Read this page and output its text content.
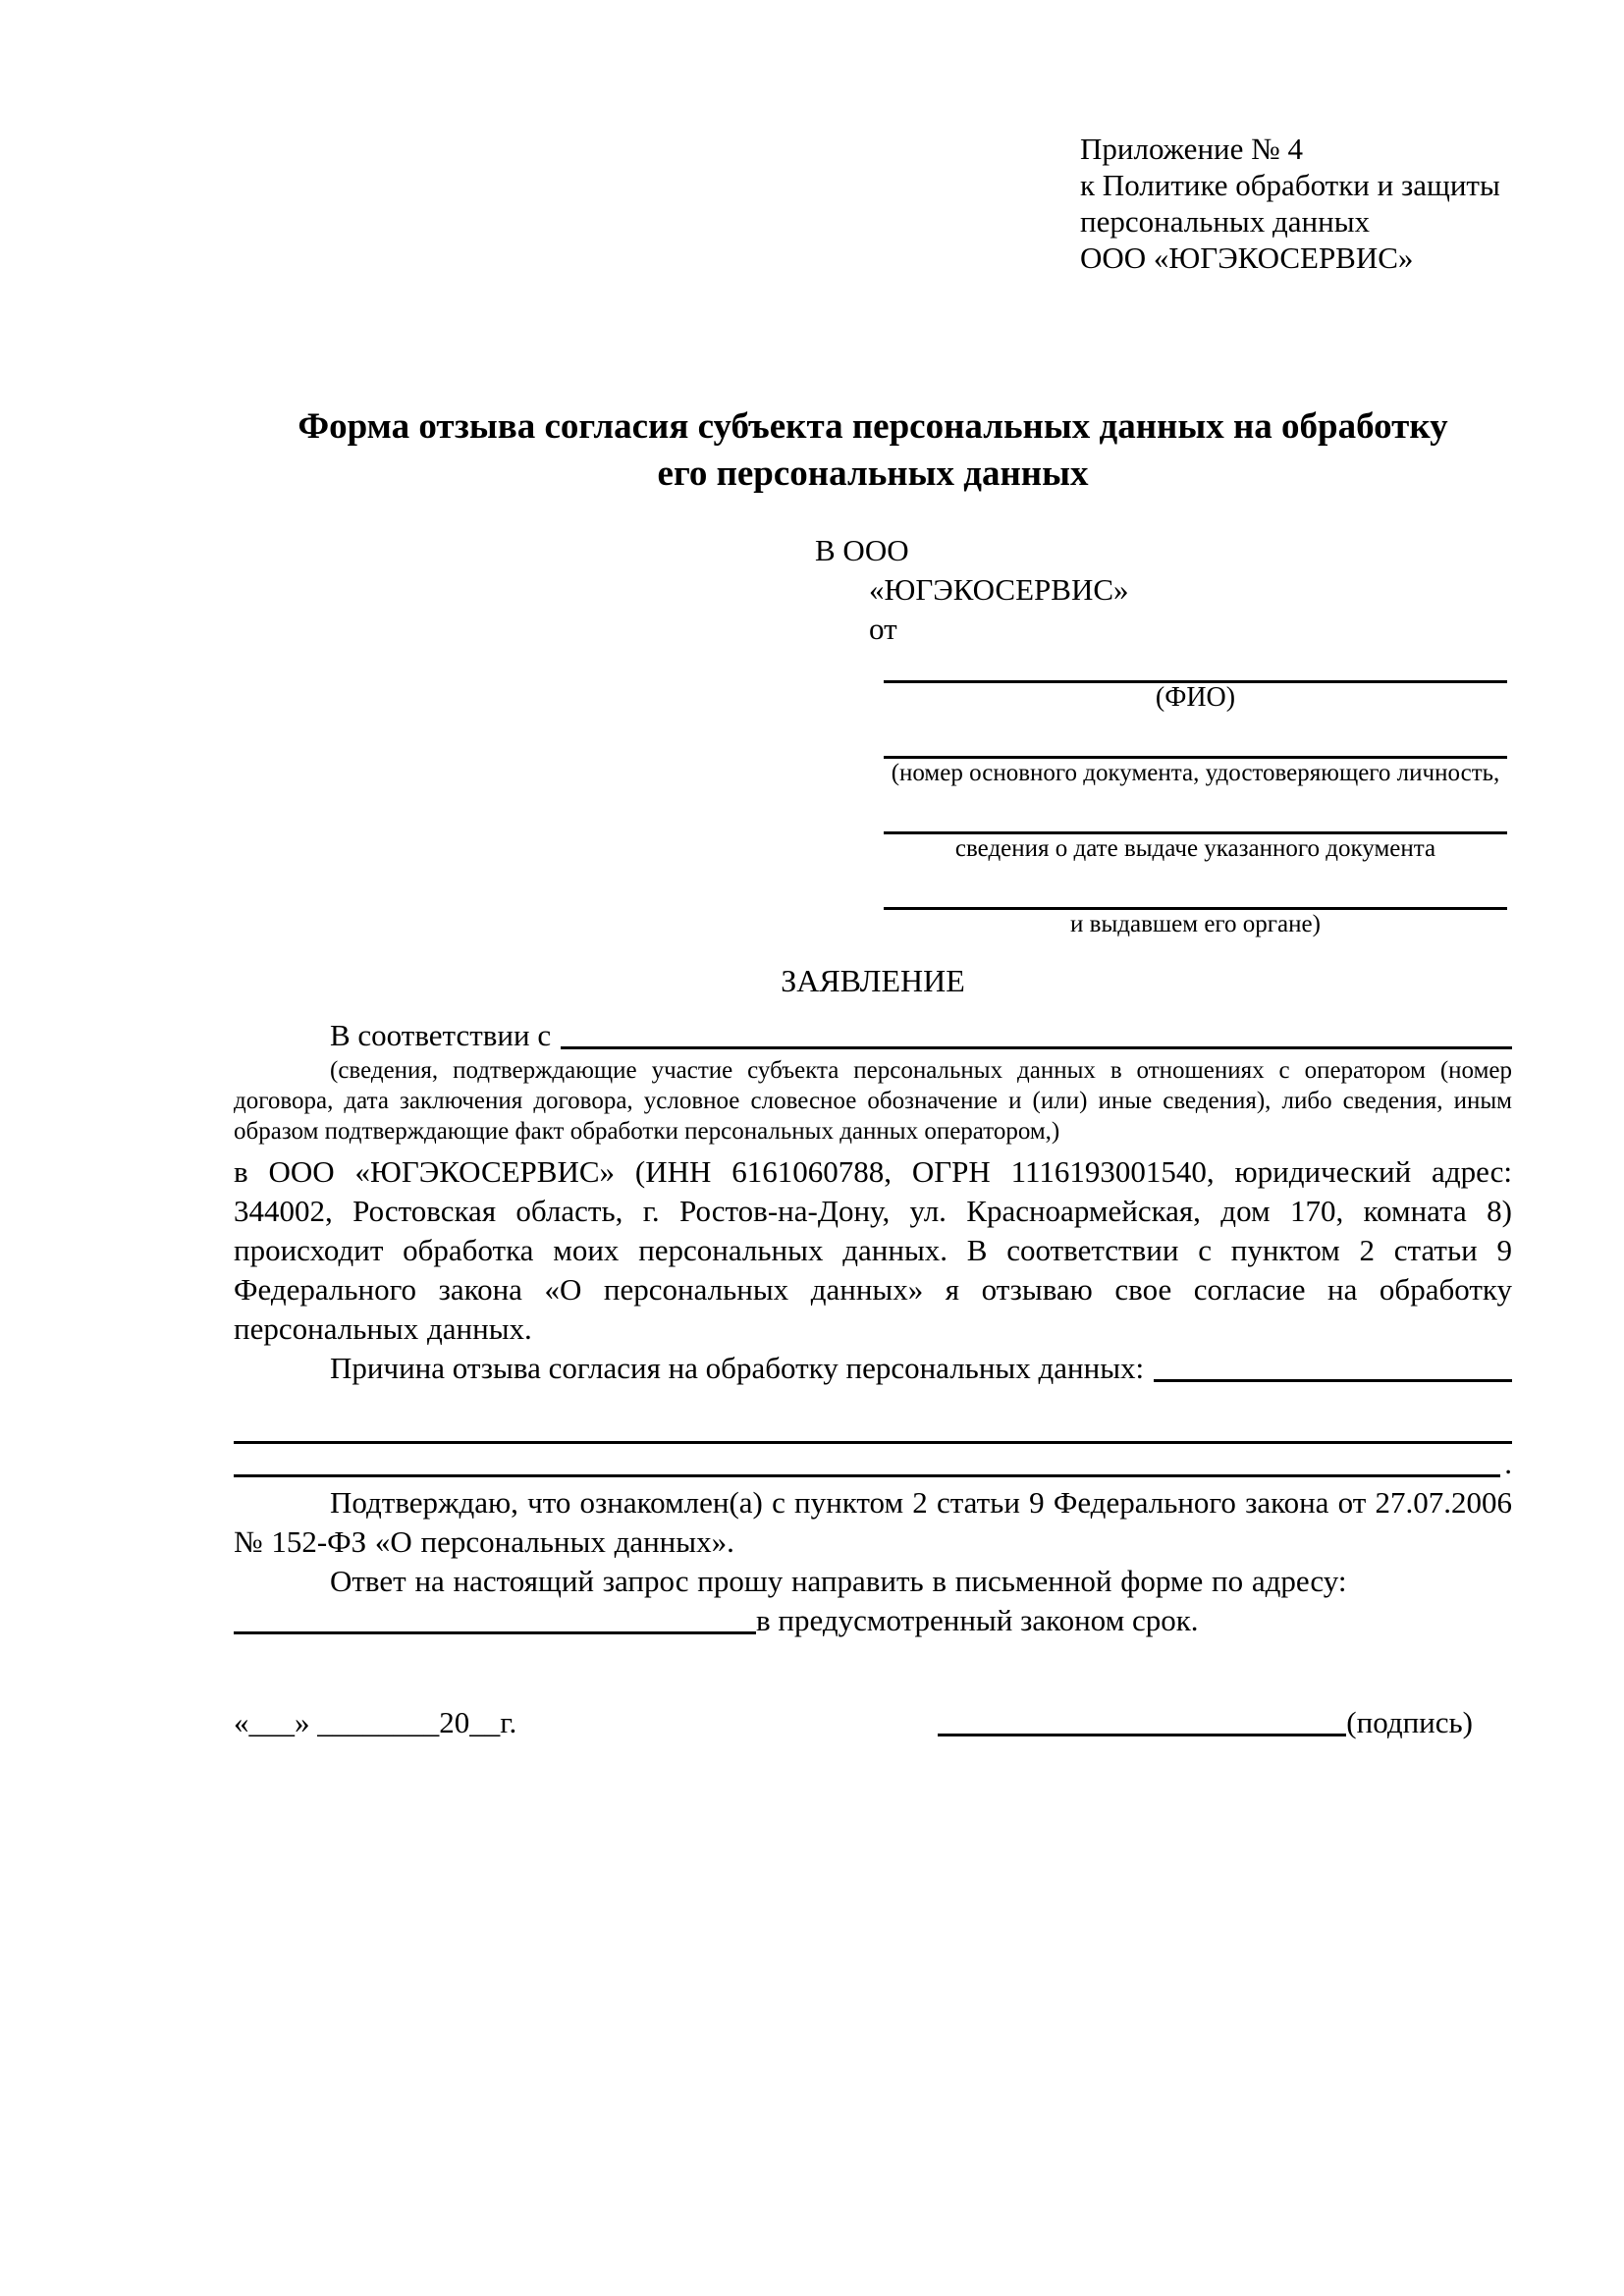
Приложение № 4
к Политике обработки и защиты
персональных данных
ООО «ЮГЭКОСЕРВИС»
Форма отзыва согласия субъекта персональных данных на обработку
его персональных данных
В ООО
«ЮГЭКОСЕРВИС»
от
(ФИО)
(номер основного документа, удостоверяющего личность,
сведения о дате выдаче указанного документа
и выдавшем его органе)
ЗАЯВЛЕНИЕ
В соответствии с
(сведения, подтверждающие участие субъекта персональных данных в отношениях с оператором (номер договора, дата заключения договора, условное словесное обозначение и (или) иные сведения), либо сведения, иным образом подтверждающие факт обработки персональных данных оператором,)
в ООО «ЮГЭКОСЕРВИС» (ИНН 6161060788, ОГРН 1116193001540, юридический адрес: 344002, Ростовская область, г. Ростов-на-Дону, ул. Красноармейская, дом 170, комната 8) происходит обработка моих персональных данных. В соответствии с пунктом 2 статьи 9 Федерального закона «О персональных данных» я отзываю свое согласие на обработку персональных данных.
Причина отзыва согласия на обработку персональных данных:
.
Подтверждаю, что ознакомлен(а) с пунктом 2 статьи 9 Федерального закона от 27.07.2006 № 152-ФЗ «О персональных данных».
Ответ на настоящий запрос прошу направить в письменной форме по адресу:
в предусмотренный законом срок.
«___» ________20__г.	(подпись)
